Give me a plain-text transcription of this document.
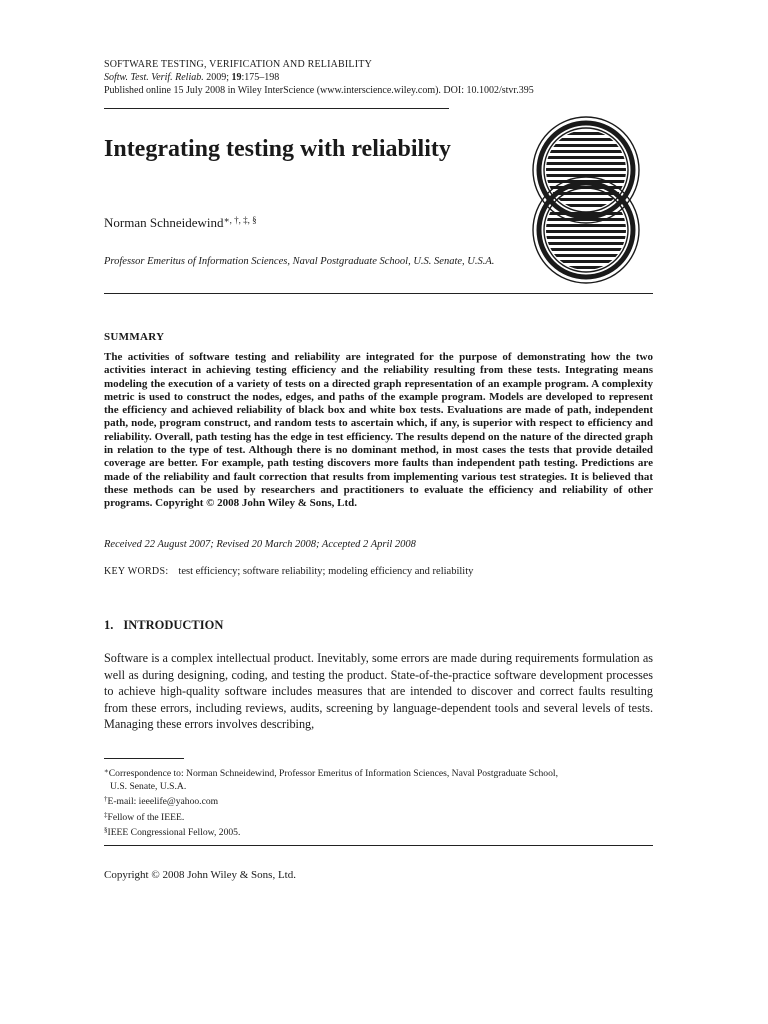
SOFTWARE TESTING, VERIFICATION AND RELIABILITY
Softw. Test. Verif. Reliab. 2009; 19:175–198
Published online 15 July 2008 in Wiley InterScience (www.interscience.wiley.com). DOI: 10.1002/stvr.395
Integrating testing with reliability
Norman Schneidewind∗, †, ‡, §
Professor Emeritus of Information Sciences, Naval Postgraduate School, U.S. Senate, U.S.A.
SUMMARY

The activities of software testing and reliability are integrated for the purpose of demonstrating how the two activities interact in achieving testing efficiency and the reliability resulting from these tests. Integrating means modeling the execution of a variety of tests on a directed graph representation of an example program. A complexity metric is used to construct the nodes, edges, and paths of the example program. Models are developed to represent the efficiency and achieved reliability of black box and white box tests. Evaluations are made of path, independent path, node, program construct, and random tests to ascertain which, if any, is superior with respect to efficiency and reliability. Overall, path testing has the edge in test efficiency. The results depend on the nature of the directed graph in relation to the type of test. Although there is no dominant method, in most cases the tests that provide detailed coverage are better. For example, path testing discovers more faults than independent path testing. Predictions are made of the reliability and fault correction that results from implementing various test strategies. It is believed that these methods can be used by researchers and practitioners to evaluate the efficiency and reliability of other programs. Copyright © 2008 John Wiley & Sons, Ltd.

Received 22 August 2007; Revised 20 March 2008; Accepted 2 April 2008
KEY WORDS: test efficiency; software reliability; modeling efficiency and reliability
1. INTRODUCTION

Software is a complex intellectual product. Inevitably, some errors are made during requirements formulation as well as during designing, coding, and testing the product. State-of-the-practice software development processes to achieve high-quality software includes measures that are intended to discover and correct faults resulting from these errors, including reviews, audits, screening by language-dependent tools and several levels of tests. Managing these errors involves describing,

∗Correspondence to: Norman Schneidewind, Professor Emeritus of Information Sciences, Naval Postgraduate School,

U.S. Senate, U.S.A.

†E-mail: ieeelife@yahoo.com

‡Fellow of the IEEE.

§IEEE Congressional Fellow, 2005.

Copyright © 2008 John Wiley & Sons, Ltd.
